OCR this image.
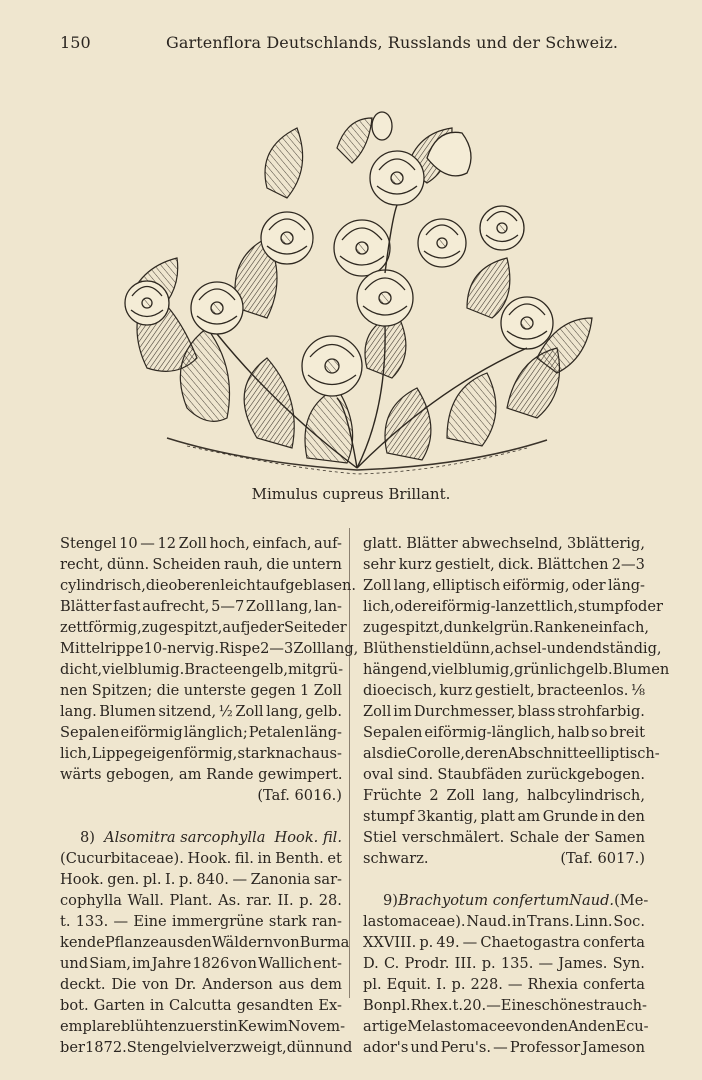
150	Gartenflora Deutschlands, Russlands und der Schweiz.
Mimulus cupreus Brillant.
Stengel 10 — 12 Zoll hoch, einfach, auf-
recht, dünn. Scheiden rauh, die untern
cylindrisch, die oberen leicht aufgeblasen.
Blätter fast aufrecht, 5—7 Zoll lang, lan-
zettförmig, zugespitzt, auf jeder Seite der
Mittelrippe 10-nervig. Rispe 2—3 Zoll lang,
dicht, vielblumig. Bracteen gelb, mit grü-
nen Spitzen; die unterste gegen 1 Zoll
lang. Blumen sitzend, ½ Zoll lang, gelb.
Sepalen eiförmig länglich; Petalen läng-
lich, Lippe geigenförmig, stark nach aus-
wärts gebogen, am Rande gewimpert.
(Taf. 6016.)
8) Alsomitra sarcophylla Hook. fil.
(Cucurbitaceae). Hook. fil. in Benth. et
Hook. gen. pl. I. p. 840. — Zanonia sar-
cophylla Wall. Plant. As. rar. II. p. 28.
t. 133. — Eine immergrüne stark ran-
kende Pflanze aus den Wäldern von Burma
und Siam, im Jahre 1826 von Wallich ent-
deckt. Die von Dr. Anderson aus dem
bot. Garten in Calcutta gesandten Ex-
emplare blühten zuerst in Kew im Novem-
ber 1872. Stengel vielverzweigt, dünn und
glatt. Blätter abwechselnd, 3blätterig,
sehr kurz gestielt, dick. Blättchen 2—3
Zoll lang, elliptisch eiförmig, oder läng-
lich, oder eiförmig-lanzettlich, stumpf oder
zugespitzt, dunkelgrün. Ranken einfach,
Blüthenstiel dünn, achsel- und endständig,
hängend, vielblumig, grünlichgelb. Blumen
dioecisch, kurz gestielt, bracteenlos. ⅛
Zoll im Durchmesser, blass strohfarbig.
Sepalen eiförmig-länglich, halb so breit
als die Corolle, deren Abschnitte elliptisch-
oval sind. Staubfäden zurückgebogen.
Früchte 2 Zoll lang, halbcylindrisch,
stumpf 3kantig, platt am Grunde in den
Stiel verschmälert. Schale der Samen
schwarz.	(Taf. 6017.)
9) Brachyotum confertum Naud. (Me-
lastomaceae). Naud. in Trans. Linn. Soc.
XXVIII. p. 49. — Chaetogastra conferta
D. C. Prodr. III. p. 135. — James. Syn.
pl. Equit. I. p. 228. — Rhexia conferta
Bonpl. Rhex. t. 20. — Eine schöne strauch-
artige Melastomacee von den Anden Ecu-
ador's und Peru's. — Professor Jameson
